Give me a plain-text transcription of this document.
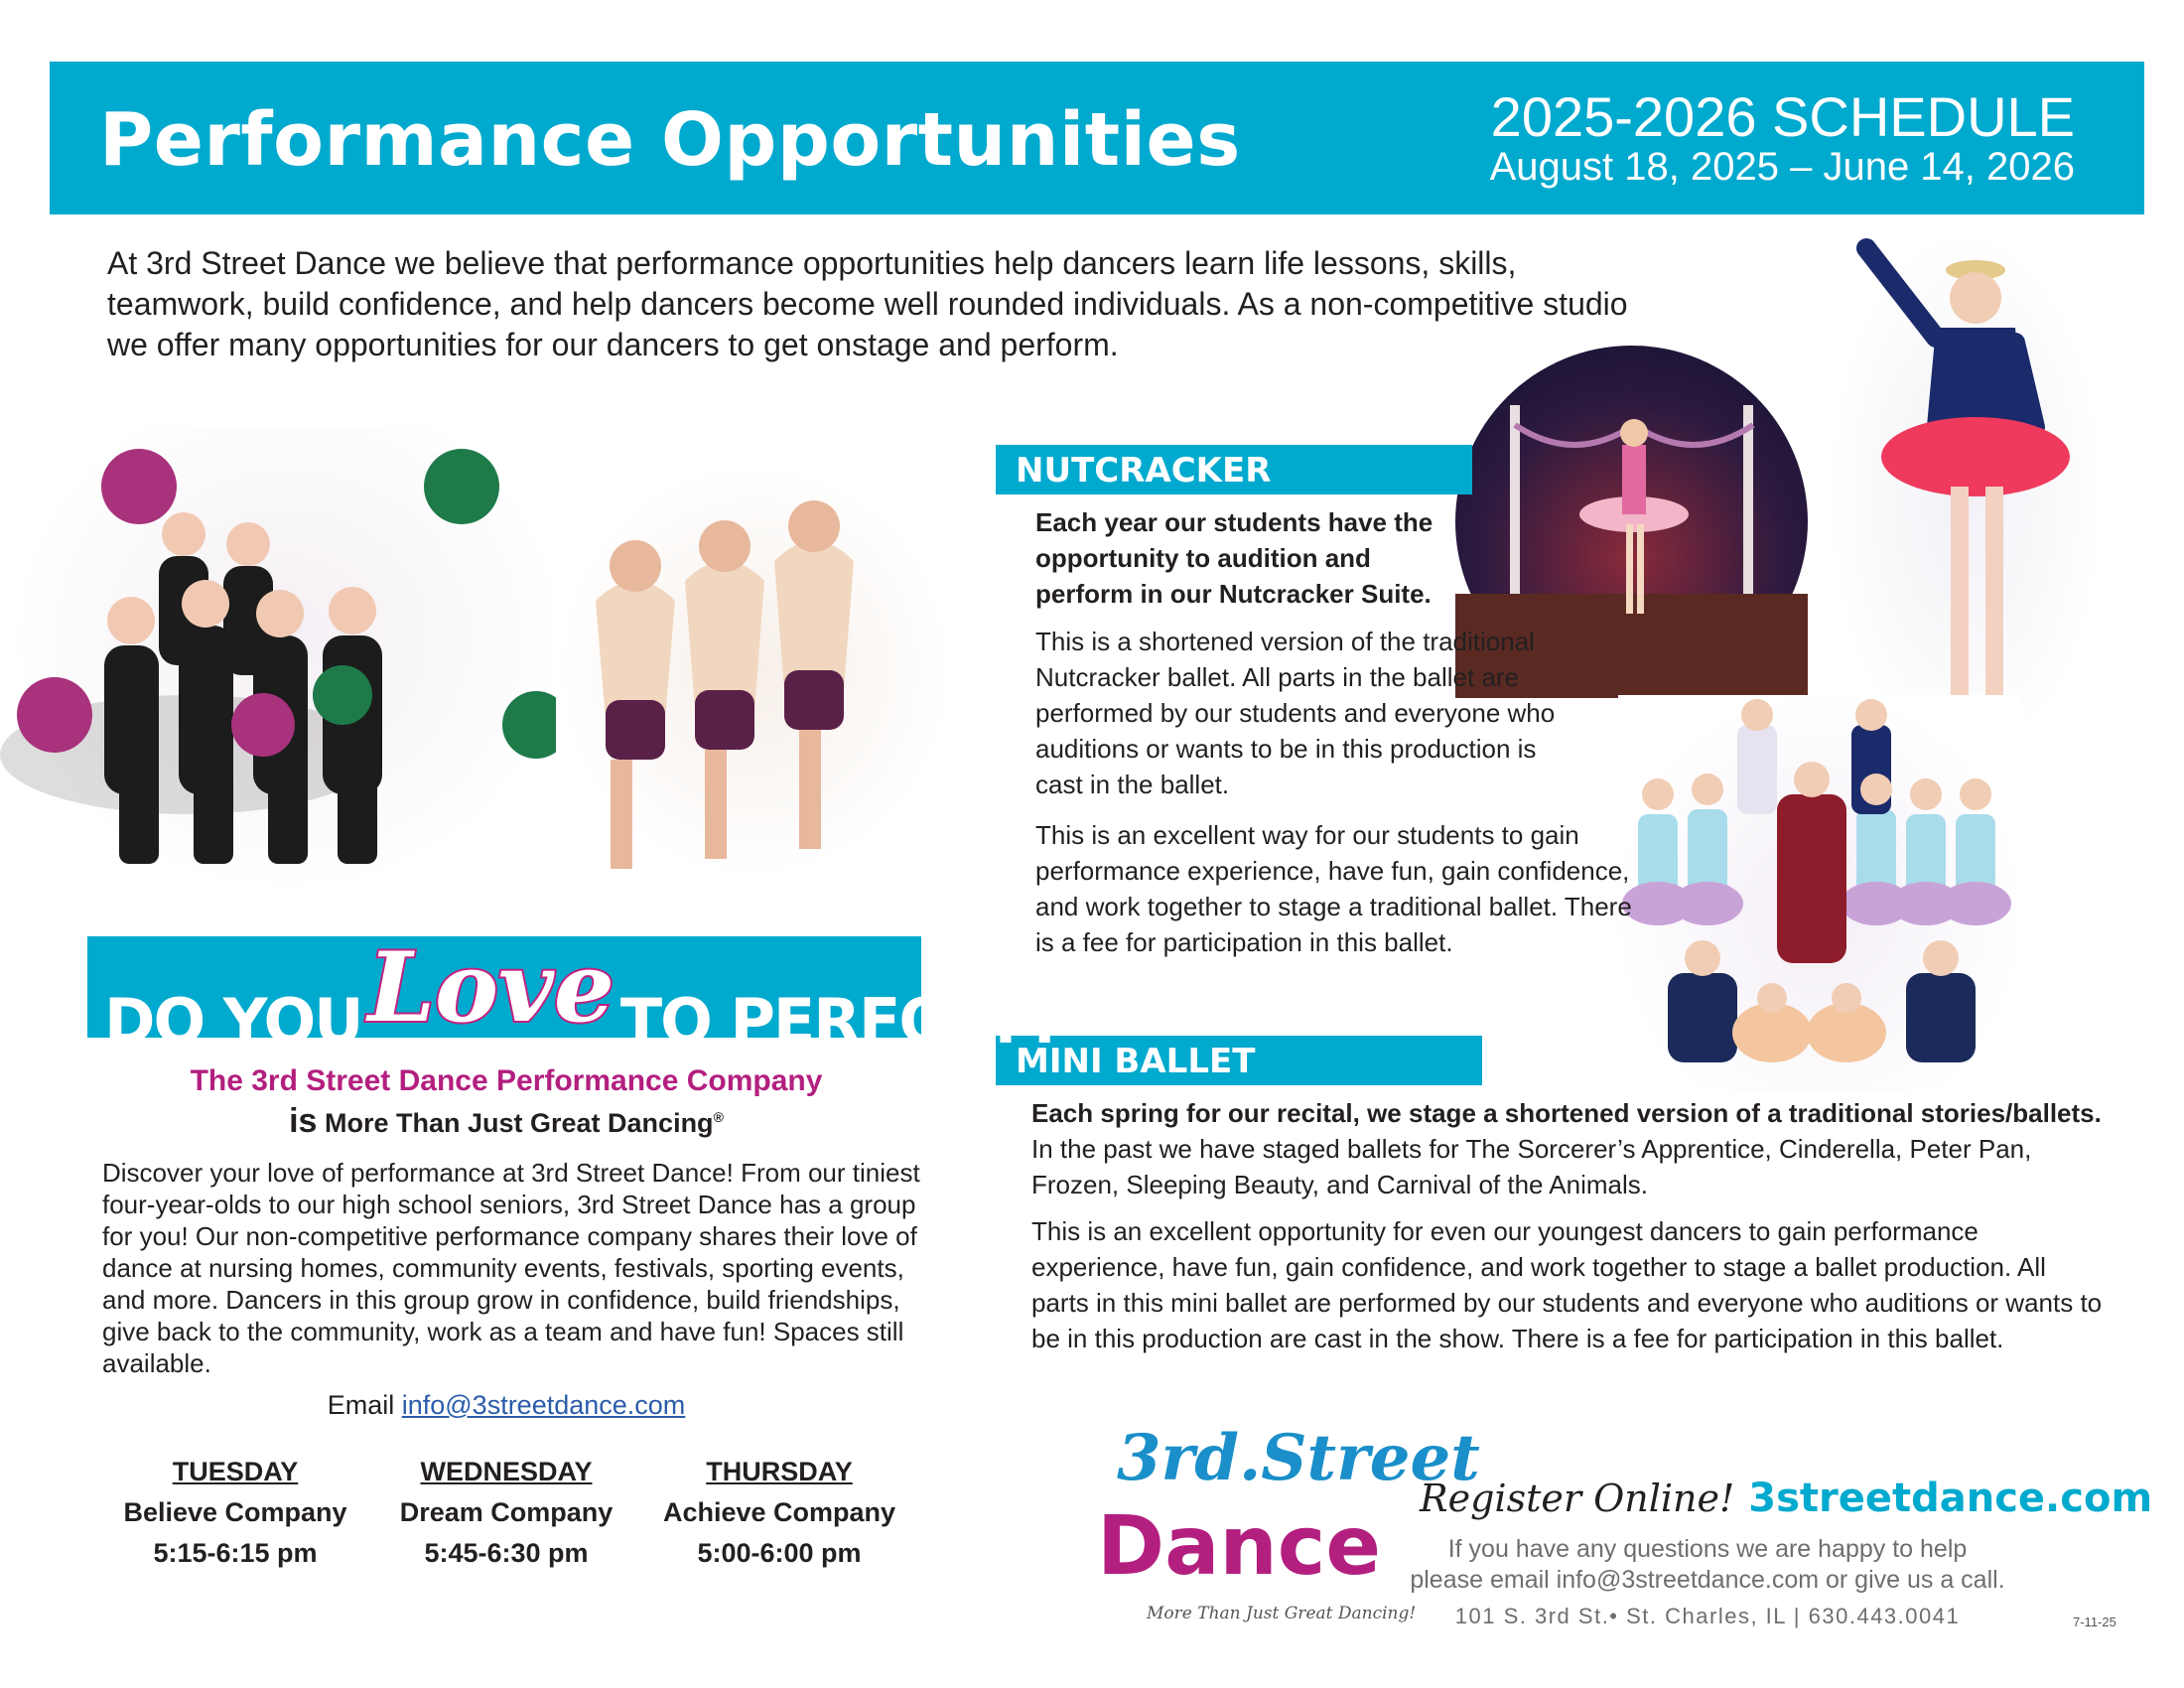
Performance Opportunities	2025-2026 SCHEDULE
August 18, 2025 – June 14, 2026
At 3rd Street Dance we believe that performance opportunities help dancers learn life lessons, skills, teamwork, build confidence, and help dancers become well rounded individuals. As a non-competitive studio we offer many opportunities for our dancers to get onstage and perform.
NUTCRACKER
Each year our students have the opportunity to audition and perform in our Nutcracker Suite.
This is a shortened version of the traditional Nutcracker ballet. All parts in the ballet are performed by our students and everyone who auditions or wants to be in this production is cast in the ballet.
This is an excellent way for our students to gain performance experience, have fun, gain confidence, and work together to stage a traditional ballet. There is a fee for participation in this ballet.
MINI BALLET
Each spring for our recital, we stage a shortened version of a traditional stories/ballets. In the past we have staged ballets for The Sorcerer’s Apprentice, Cinderella, Peter Pan, Frozen, Sleeping Beauty, and Carnival of the Animals.
This is an excellent opportunity for even our youngest dancers to gain performance experience, have fun, gain confidence, and work together to stage a ballet production. All parts in this mini ballet are performed by our students and everyone who auditions or wants to be in this production are cast in the show. There is a fee for participation in this ballet.
DO YOULoveTO PERFORM
The 3rd Street Dance Performance Company
is More Than Just Great Dancing®
Discover your love of performance at 3rd Street Dance! From our tiniest four-year-olds to our high school seniors, 3rd Street Dance has a group for you! Our non-competitive performance company shares their love of dance at nursing homes, community events, festivals, sporting events, and more. Dancers in this group grow in confidence, build friendships, give back to the community, work as a team and have fun! Spaces still available.
Email info@3streetdance.com
TUESDAY
Believe Company
5:15-6:15 pm
WEDNESDAY
Dream Company
5:45-6:30 pm
THURSDAY
Achieve Company
5:00-6:00 pm
3rd.Street
Dance
More Than Just Great Dancing!
Register Online! 3streetdance.com
If you have any questions we are happy to help please email info@3streetdance.com or give us a call.
101 S. 3rd St.• St. Charles, IL | 630.443.0041	7-11-25
